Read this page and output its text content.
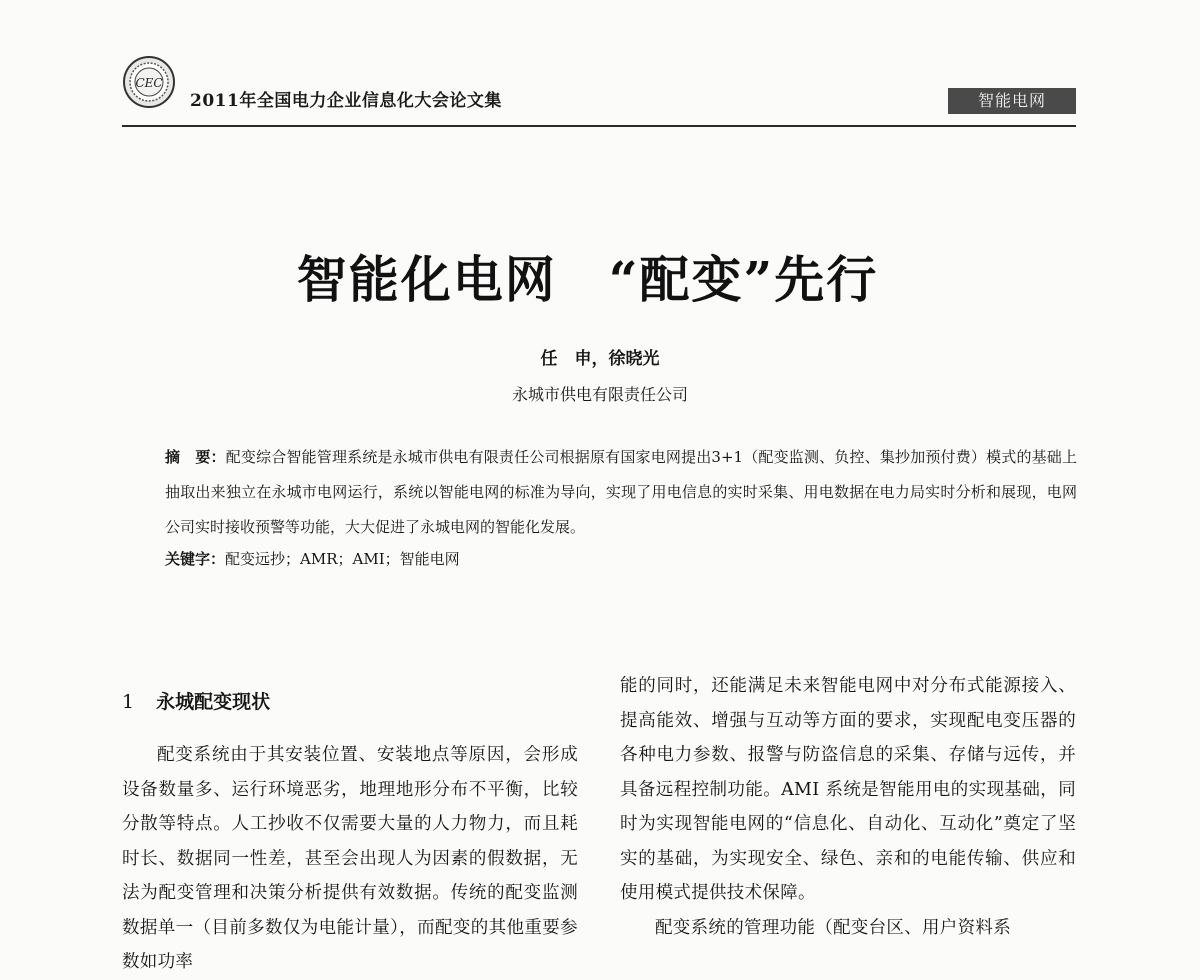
CEC
2011年全国电力企业信息化大会论文集	智能电网
智能化电网　“配变”先行
任　申，徐晓光
永城市供电有限责任公司
摘　要：配变综合智能管理系统是永城市供电有限责任公司根据原有国家电网提出3+1（配变监测、负控、集抄加预付费）模式的基础上抽取出来独立在永城市电网运行，系统以智能电网的标准为导向，实现了用电信息的实时采集、用电数据在电力局实时分析和展现，电网公司实时接收预警等功能，大大促进了永城电网的智能化发展。
关键字：配变远抄；AMR；AMI；智能电网
1 永城配变现状

配变系统由于其安装位置、安装地点等原因，会形成设备数量多、运行环境恶劣，地理地形分布不平衡，比较分散等特点。人工抄收不仅需要大量的人力物力，而且耗时长、数据同一性差，甚至会出现人为因素的假数据，无法为配变管理和决策分析提供有效数据。传统的配变监测数据单一（目前多数仅为电能计量），而配变的其他重要参数如功率

能的同时，还能满足未来智能电网中对分布式能源接入、提高能效、增强与互动等方面的要求，实现配电变压器的各种电力参数、报警与防盗信息的采集、存储与远传，并具备远程控制功能。AMI 系统是智能用电的实现基础，同时为实现智能电网的“信息化、自动化、互动化”奠定了坚实的基础，为实现安全、绿色、亲和的电能传输、供应和使用模式提供技术保障。

配变系统的管理功能（配变台区、用户资料系
